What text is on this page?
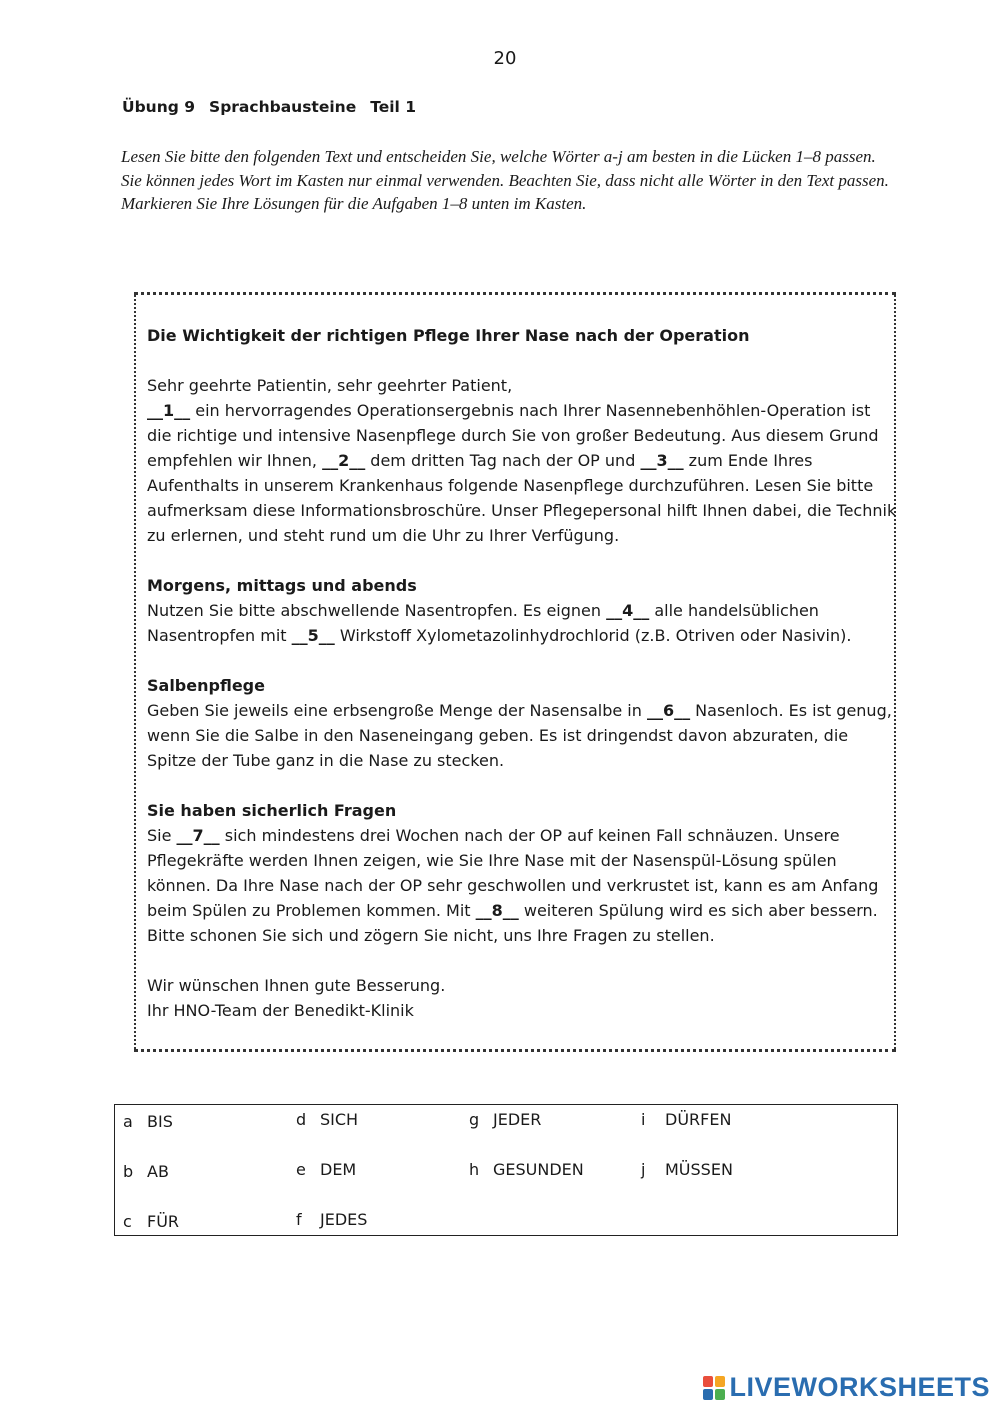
20
Übung 9 Sprachbausteine Teil 1

Lesen Sie bitte den folgenden Text und entscheiden Sie, welche Wörter a-j am besten in die Lücken 1–8 passen. Sie können jedes Wort im Kasten nur einmal verwenden. Beachten Sie, dass nicht alle Wörter in den Text passen. Markieren Sie Ihre Lösungen für die Aufgaben 1–8 unten im Kasten.

Die Wichtigkeit der richtigen Pflege Ihrer Nase nach der Operation

Sehr geehrte Patientin, sehr geehrter Patient,

__1__ ein hervorragendes Operationsergebnis nach Ihrer Nasennebenhöhlen-Operation ist die richtige und intensive Nasenpflege durch Sie von großer Bedeutung. Aus diesem Grund empfehlen wir Ihnen, __2__ dem dritten Tag nach der OP und __3__ zum Ende Ihres Aufenthalts in unserem Krankenhaus folgende Nasenpflege durchzuführen. Lesen Sie bitte aufmerksam diese Informationsbroschüre. Unser Pflegepersonal hilft Ihnen dabei, die Technik zu erlernen, und steht rund um die Uhr zu Ihrer Verfügung.

Morgens, mittags und abends

Nutzen Sie bitte abschwellende Nasentropfen. Es eignen __4__ alle handelsüblichen Nasentropfen mit __5__ Wirkstoff Xylometazolinhydrochlorid (z.B. Otriven oder Nasivin).

Salbenpflege

Geben Sie jeweils eine erbsengroße Menge der Nasensalbe in __6__ Nasenloch. Es ist genug, wenn Sie die Salbe in den Naseneingang geben. Es ist dringendst davon abzuraten, die Spitze der Tube ganz in die Nase zu stecken.

Sie haben sicherlich Fragen

Sie __7__ sich mindestens drei Wochen nach der OP auf keinen Fall schnäuzen. Unsere Pflegekräfte werden Ihnen zeigen, wie Sie Ihre Nase mit der Nasenspül-Lösung spülen können. Da Ihre Nase nach der OP sehr geschwollen und verkrustet ist, kann es am Anfang beim Spülen zu Problemen kommen. Mit __8__ weiteren Spülung wird es sich aber bessern. Bitte schonen Sie sich und zögern Sie nicht, uns Ihre Fragen zu stellen.

Wir wünschen Ihnen gute Besserung.

Ihr HNO-Team der Benedikt-Klinik

a BIS
b AB
c FÜR
d SICH
e DEM
f JEDES
g JEDER
h GESUNDEN
i DÜRFEN
j MÜSSEN
LIVEWORKSHEETS
